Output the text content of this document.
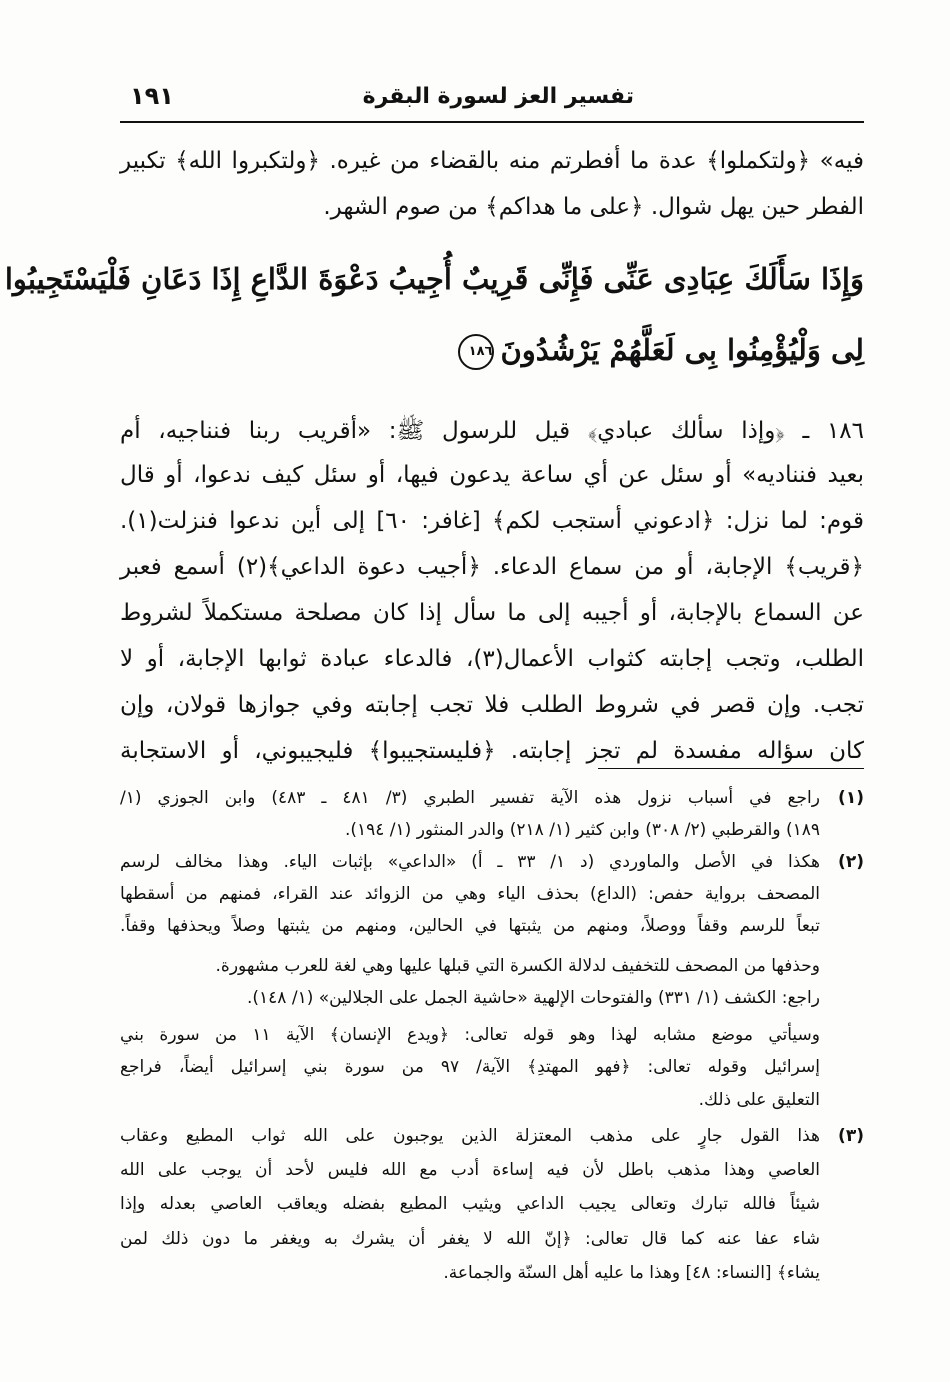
تفسير العز لسورة البقرة
١٩١
فيه» ﴿ولتكملوا﴾ عدة ما أفطرتم منه بالقضاء من غيره. ﴿ولتكبروا الله﴾ تكبير
الفطر حين يهل شوال. ﴿على ما هداكم﴾ من صوم الشهر.
وَإِذَا سَأَلَكَ عِبَادِى عَنِّى فَإِنِّى قَرِيبٌ أُجِيبُ دَعْوَةَ الدَّاعِ إِذَا دَعَانِ فَلْيَسْتَجِيبُوا
لِى وَلْيُؤْمِنُوا بِى لَعَلَّهُمْ يَرْشُدُونَ١٨٦
١٨٦ ـ ﴿وإذا سألك عبادي﴾ قيل للرسول ﷺ: «أقريب ربنا فنناجيه، أم
بعيد فنناديه» أو سئل عن أي ساعة يدعون فيها، أو سئل كيف ندعوا، أو قال
قوم: لما نزل: ﴿ادعوني أستجب لكم﴾ [غافر: ٦٠] إلى أين ندعوا فنزلت(١).
﴿قريب﴾ الإجابة، أو من سماع الدعاء. ﴿أجيب دعوة الداعي﴾(٢) أسمع فعبر
عن السماع بالإجابة، أو أجيبه إلى ما سأل إذا كان مصلحة مستكملاً لشروط
الطلب، وتجب إجابته كثواب الأعمال(٣)، فالدعاء عبادة ثوابها الإجابة، أو لا
تجب. وإن قصر في شروط الطلب فلا تجب إجابته وفي جوازها قولان، وإن
كان سؤاله مفسدة لم تجز إجابته. ﴿فليستجيبوا﴾ فليجيبوني، أو الاستجابة
(١)
راجع في أسباب نزول هذه الآية تفسير الطبري (٣/ ٤٨١ ـ ٤٨٣) وابن الجوزي (١/
١٨٩) والقرطبي (٢/ ٣٠٨) وابن كثير (١/ ٢١٨) والدر المنثور (١/ ١٩٤).
(٢)
هكذا في الأصل والماوردي (د ١/ ٣٣ ـ أ) «الداعي» بإثبات الياء. وهذا مخالف لرسم
المصحف برواية حفص: (الداع) بحذف الياء وهي من الزوائد عند القراء، فمنهم من أسقطها
تبعاً للرسم وقفاً ووصلاً، ومنهم من يثبتها في الحالين، ومنهم من يثبتها وصلاً ويحذفها وقفاً.
وحذفها من المصحف للتخفيف لدلالة الكسرة التي قبلها عليها وهي لغة للعرب مشهورة.
راجع: الكشف (١/ ٣٣١) والفتوحات الإلهية «حاشية الجمل على الجلالين» (١/ ١٤٨).
وسيأتي موضع مشابه لهذا وهو قوله تعالى: ﴿ويدع الإنسان﴾ الآية ١١ من سورة بني
إسرائيل وقوله تعالى: ﴿فهو المهتدِ﴾ الآية/ ٩٧ من سورة بني إسرائيل أيضاً، فراجع
التعليق على ذلك.
(٣)
هذا القول جارٍ على مذهب المعتزلة الذين يوجبون على الله ثواب المطيع وعقاب
العاصي وهذا مذهب باطل لأن فيه إساءة أدب مع الله فليس لأحد أن يوجب على الله
شيئاً فالله تبارك وتعالى يجيب الداعي ويثيب المطيع بفضله ويعاقب العاصي بعدله وإذا
شاء عفا عنه كما قال تعالى: ﴿إنّ الله لا يغفر أن يشرك به ويغفر ما دون ذلك لمن
يشاء﴾ [النساء: ٤٨] وهذا ما عليه أهل السنّة والجماعة.
